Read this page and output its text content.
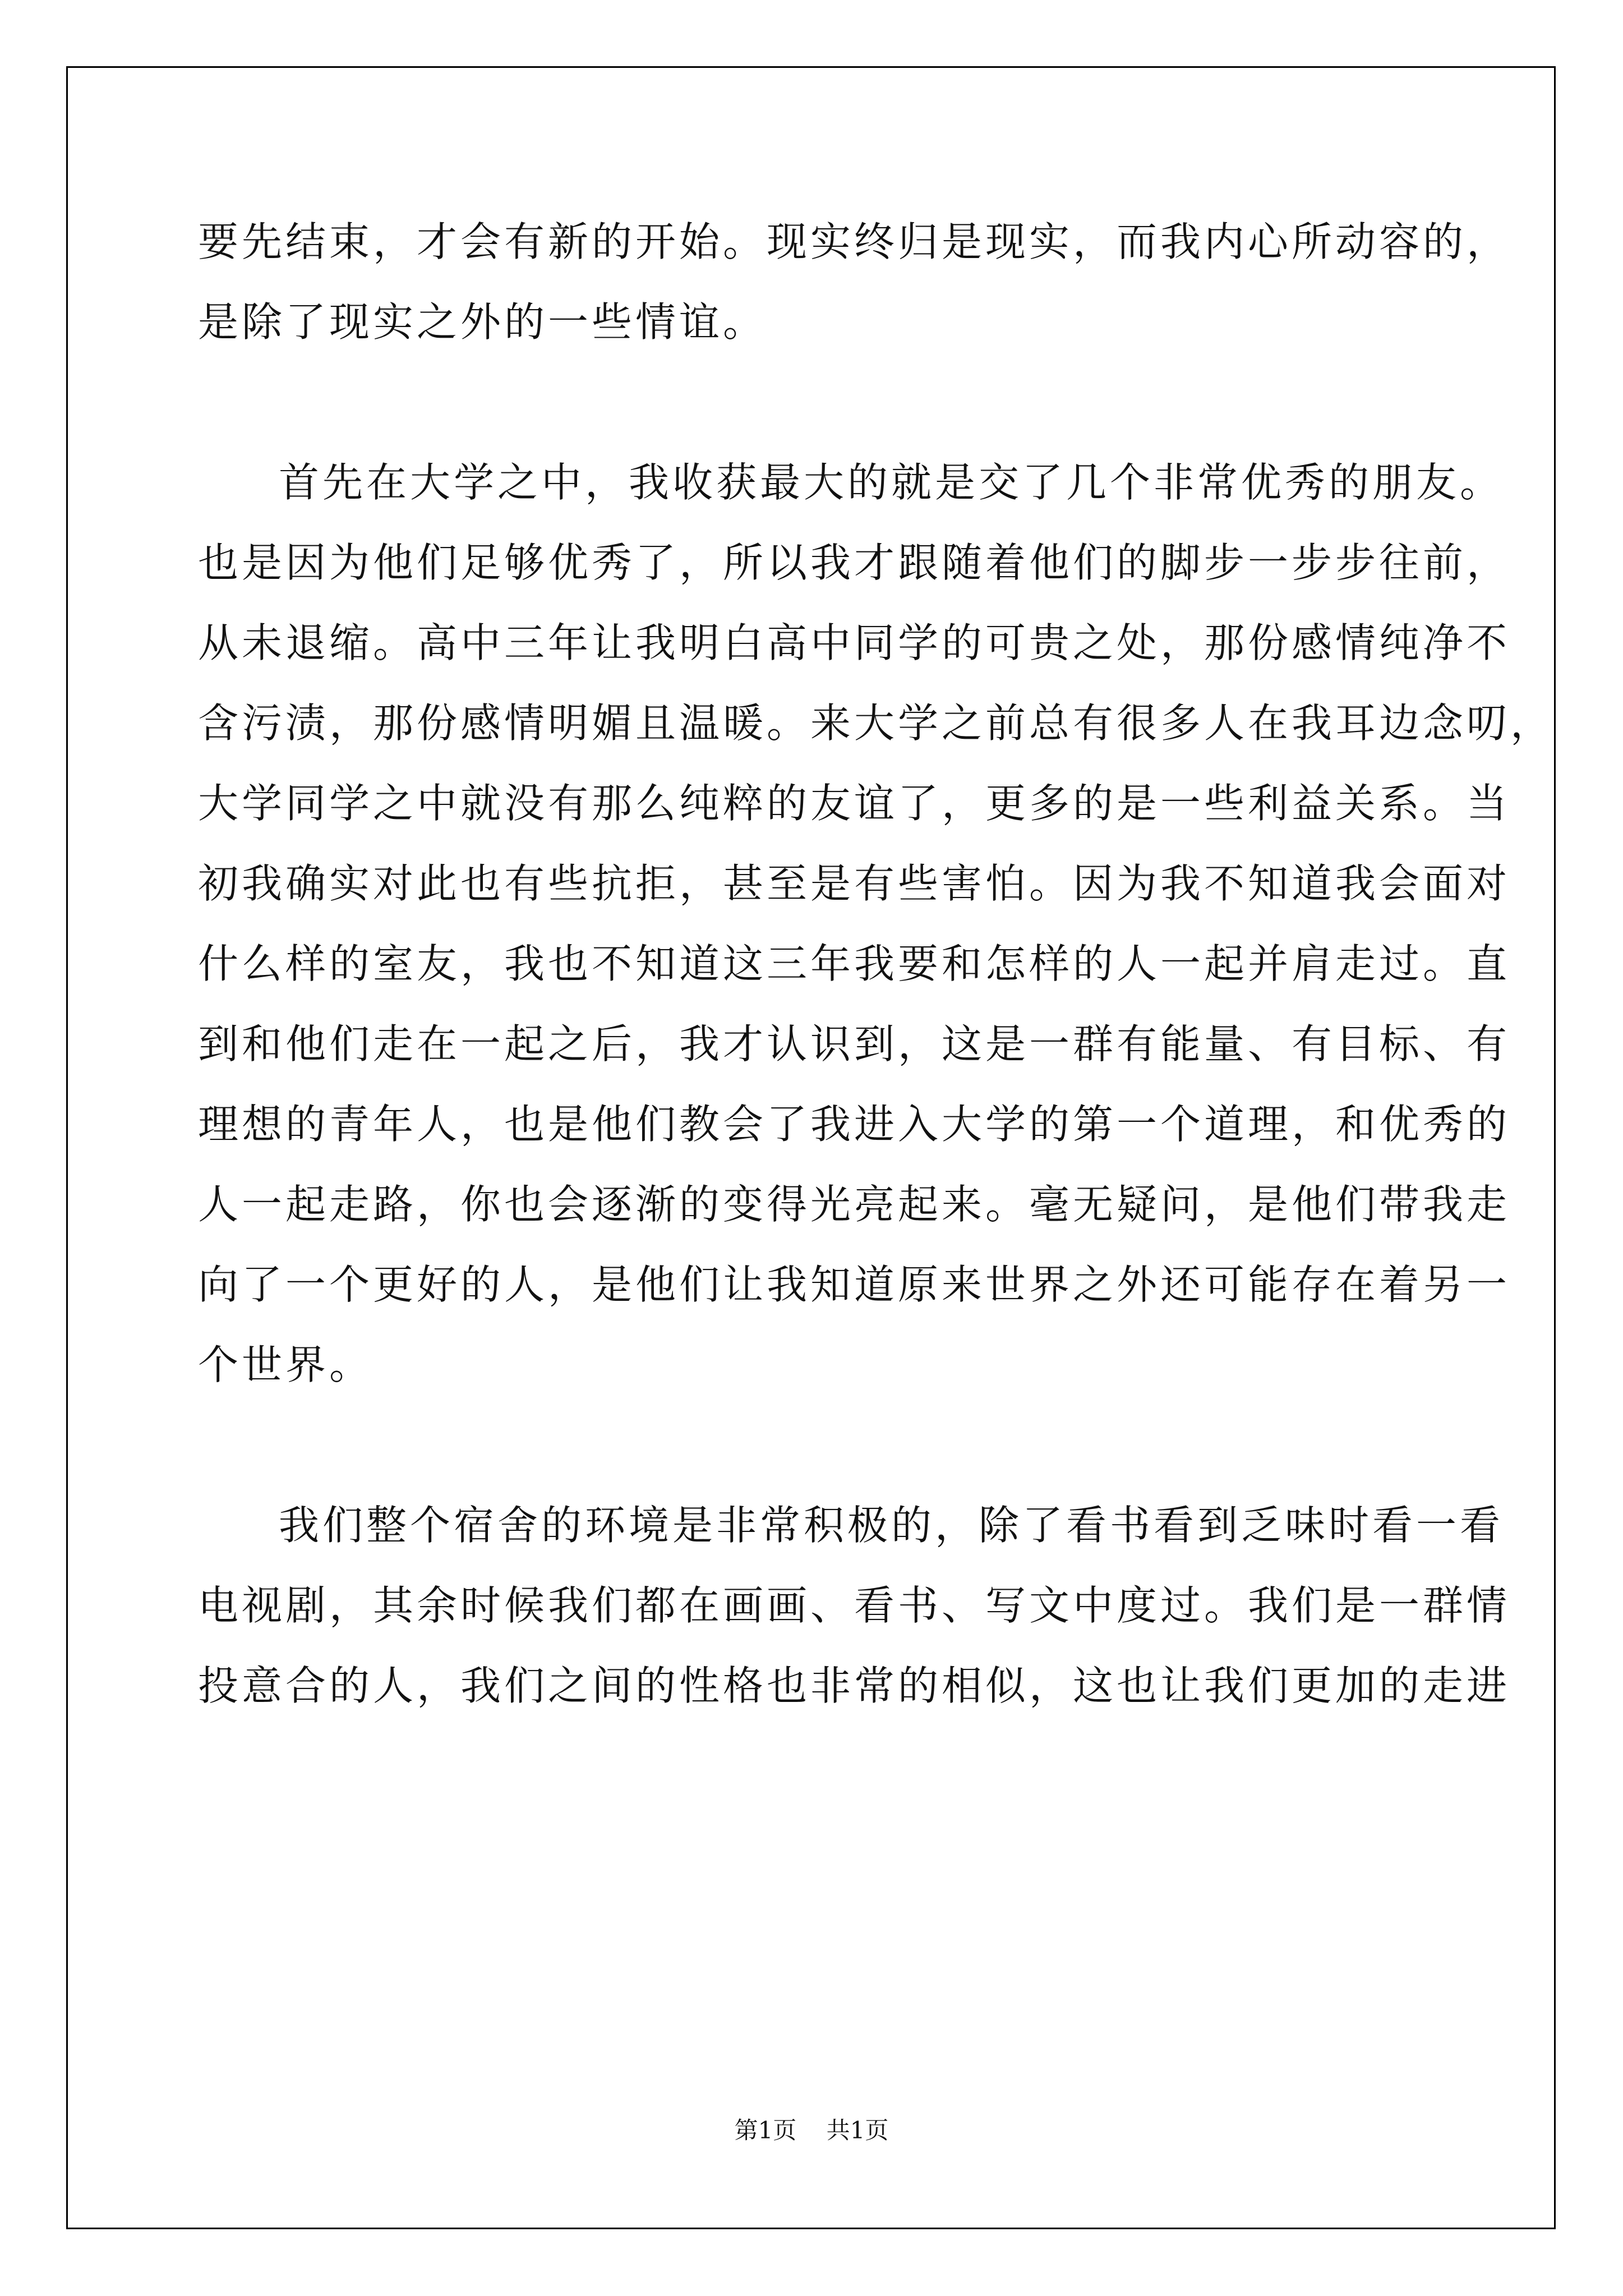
要先结束，才会有新的开始。现实终归是现实，而我内心所动容的，
是除了现实之外的一些情谊。
首先在大学之中，我收获最大的就是交了几个非常优秀的朋友。
也是因为他们足够优秀了，所以我才跟随着他们的脚步一步步往前，
从未退缩。高中三年让我明白高中同学的可贵之处，那份感情纯净不
含污渍，那份感情明媚且温暖。来大学之前总有很多人在我耳边念叨，
大学同学之中就没有那么纯粹的友谊了，更多的是一些利益关系。当
初我确实对此也有些抗拒，甚至是有些害怕。因为我不知道我会面对
什么样的室友，我也不知道这三年我要和怎样的人一起并肩走过。直
到和他们走在一起之后，我才认识到，这是一群有能量、有目标、有
理想的青年人，也是他们教会了我进入大学的第一个道理，和优秀的
人一起走路，你也会逐渐的变得光亮起来。毫无疑问，是他们带我走
向了一个更好的人，是他们让我知道原来世界之外还可能存在着另一
个世界。
我们整个宿舍的环境是非常积极的，除了看书看到乏味时看一看
电视剧，其余时候我们都在画画、看书、写文中度过。我们是一群情
投意合的人，我们之间的性格也非常的相似，这也让我们更加的走进
第1页 共1页
